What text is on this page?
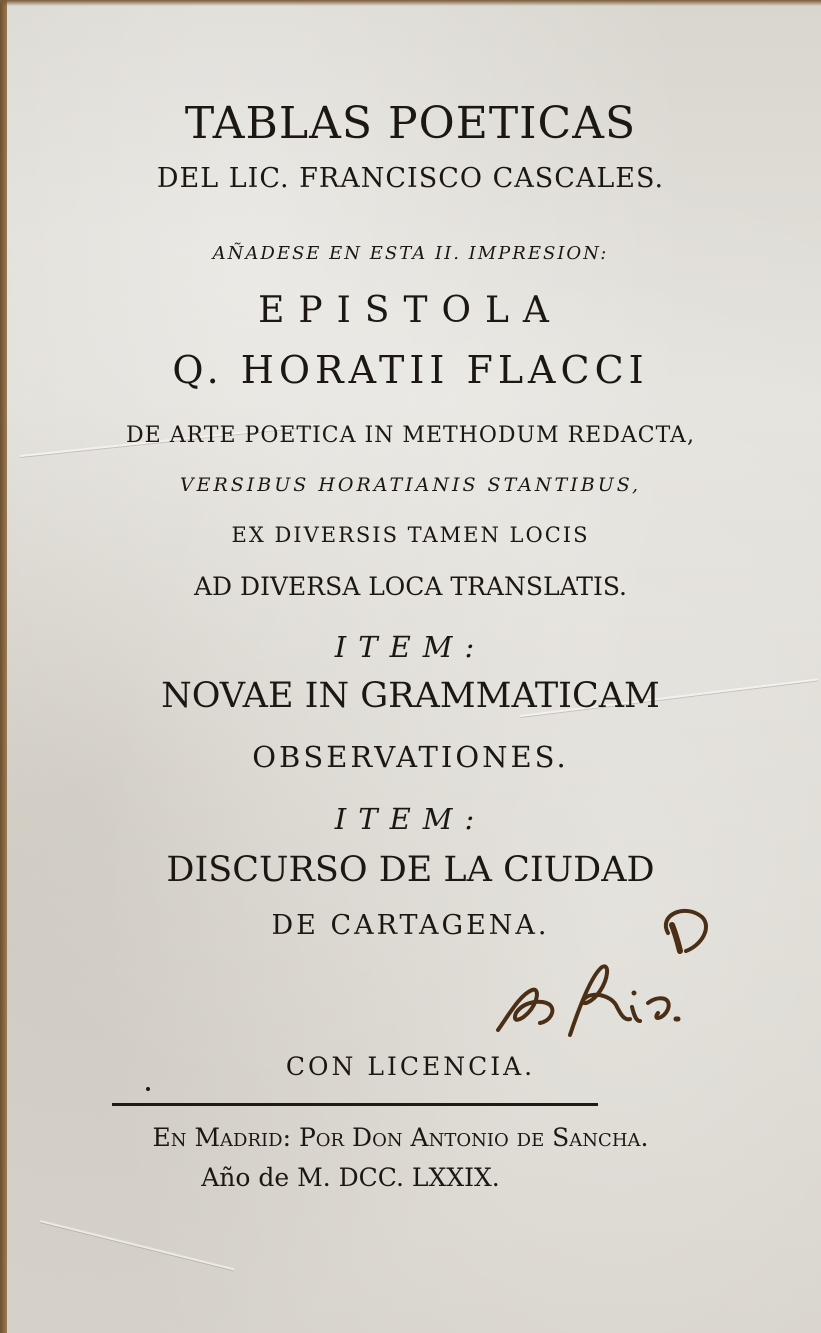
TABLAS POETICAS
DEL LIC. FRANCISCO CASCALES.
AÑADESE EN ESTA II. IMPRESION:
EPISTOLA
Q. HORATII FLACCI
DE ARTE POETICA IN METHODUM REDACTA,
VERSIBUS HORATIANIS STANTIBUS,
EX DIVERSIS TAMEN LOCIS
AD DIVERSA LOCA TRANSLATIS.
ITEM:
NOVAE IN GRAMMATICAM
OBSERVATIONES.
ITEM:
DISCURSO DE LA CIUDAD
DE CARTAGENA.
CON LICENCIA.
En Madrid: Por Don Antonio de Sancha.
Año de M. DCC. LXXIX.
